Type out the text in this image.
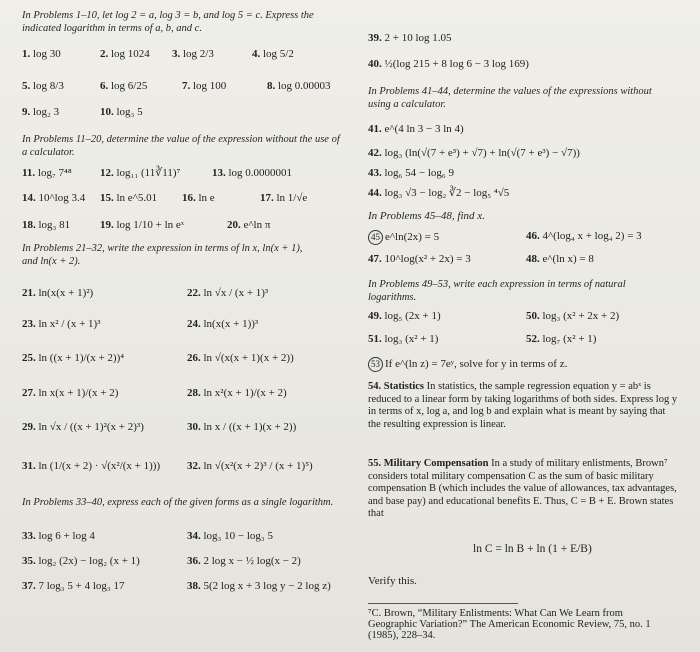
In Problems 1–10, let log 2 = a, log 3 = b, and log 5 = c. Express the indicated logarithm in terms of a, b, and c.
1. log 30	2. log 1024 3. log 2/3	4. log 5/2
5. log 8/3	6. log 6/25	7. log 100	8. log 0.00003
9. log₂ 3	10. log₃ 5
In Problems 11–20, determine the value of the expression without the use of a calculator.
11. log₇ 7⁴⁸	12. log₁₁ (11∛11)⁷	13. log 0.0000001
14. 10^log 3.4 15. ln e^5.01 16. ln e	17. ln 1/√e
18. log₃ 81	19. log 1/10 + ln eˣ	20. e^ln π
In Problems 21–32, write the expression in terms of ln x, ln(x + 1), and ln(x + 2).
21. ln(x(x + 1)²)	22. ln √x / (x + 1)³
23. ln x² / (x + 1)³	24. ln(x(x + 1))³
25. ln ((x + 1)/(x + 2))⁴	26. ln √(x(x + 1)(x + 2))
27. ln x(x + 1)/(x + 2)	28. ln x²(x + 1)/(x + 2)
29. ln √x / ((x + 1)²(x + 2)³)	30. ln x / ((x + 1)(x + 2))
31. ln (1/(x + 2) · √(x²/(x + 1))) 32. ln √(x²(x + 2)³ / (x + 1)⁵)
In Problems 33–40, express each of the given forms as a single logarithm.
33. log 6 + log 4	34. log₃ 10 − log₃ 5
35. log₂ (2x) − log₂ (x + 1)	36. 2 log x − ½ log(x − 2)
37. 7 log₃ 5 + 4 log₃ 17	38. 5(2 log x + 3 log y − 2 log z)
39. 2 + 10 log 1.05
40. ½(log 215 + 8 log 6 − 3 log 169)
In Problems 41–44, determine the values of the expressions without using a calculator.
41. e^(4 ln 3 − 3 ln 4)
42. log₃ (ln(√(7 + e³) + √7) + ln(√(7 + e³) − √7))
43. log₆ 54 − log₆ 9
44. log₃ √3 − log₂ ∛2 − log₅ ⁴√5
In Problems 45–48, find x.
45 e^ln(2x) = 5	46. 4^(log₄ x + log₄ 2) = 3
47. 10^log(x² + 2x) = 3	48. e^(ln x) = 8
In Problems 49–53, write each expression in terms of natural logarithms.
49. log₅ (2x + 1)	50. log₃ (x² + 2x + 2)
51. log₃ (x² + 1)	52. log₇ (x² + 1)
53 If e^(ln z) = 7eʸ, solve for y in terms of z.
54. Statistics In statistics, the sample regression equation y = abˣ is reduced to a linear form by taking logarithms of both sides. Express log y in terms of x, log a, and log b and explain what is meant by saying that the resulting expression is linear.
55. Military Compensation In a study of military enlistments, Brown⁷ considers total military compensation C as the sum of basic military compensation B (which includes the value of allowances, tax advantages, and base pay) and educational benefits E. Thus, C = B + E. Brown states that
ln C = ln B + ln (1 + E/B)
Verify this.
⁷C. Brown, “Military Enlistments: What Can We Learn from Geographic Variation?” The American Economic Review, 75, no. 1 (1985), 228–34.
